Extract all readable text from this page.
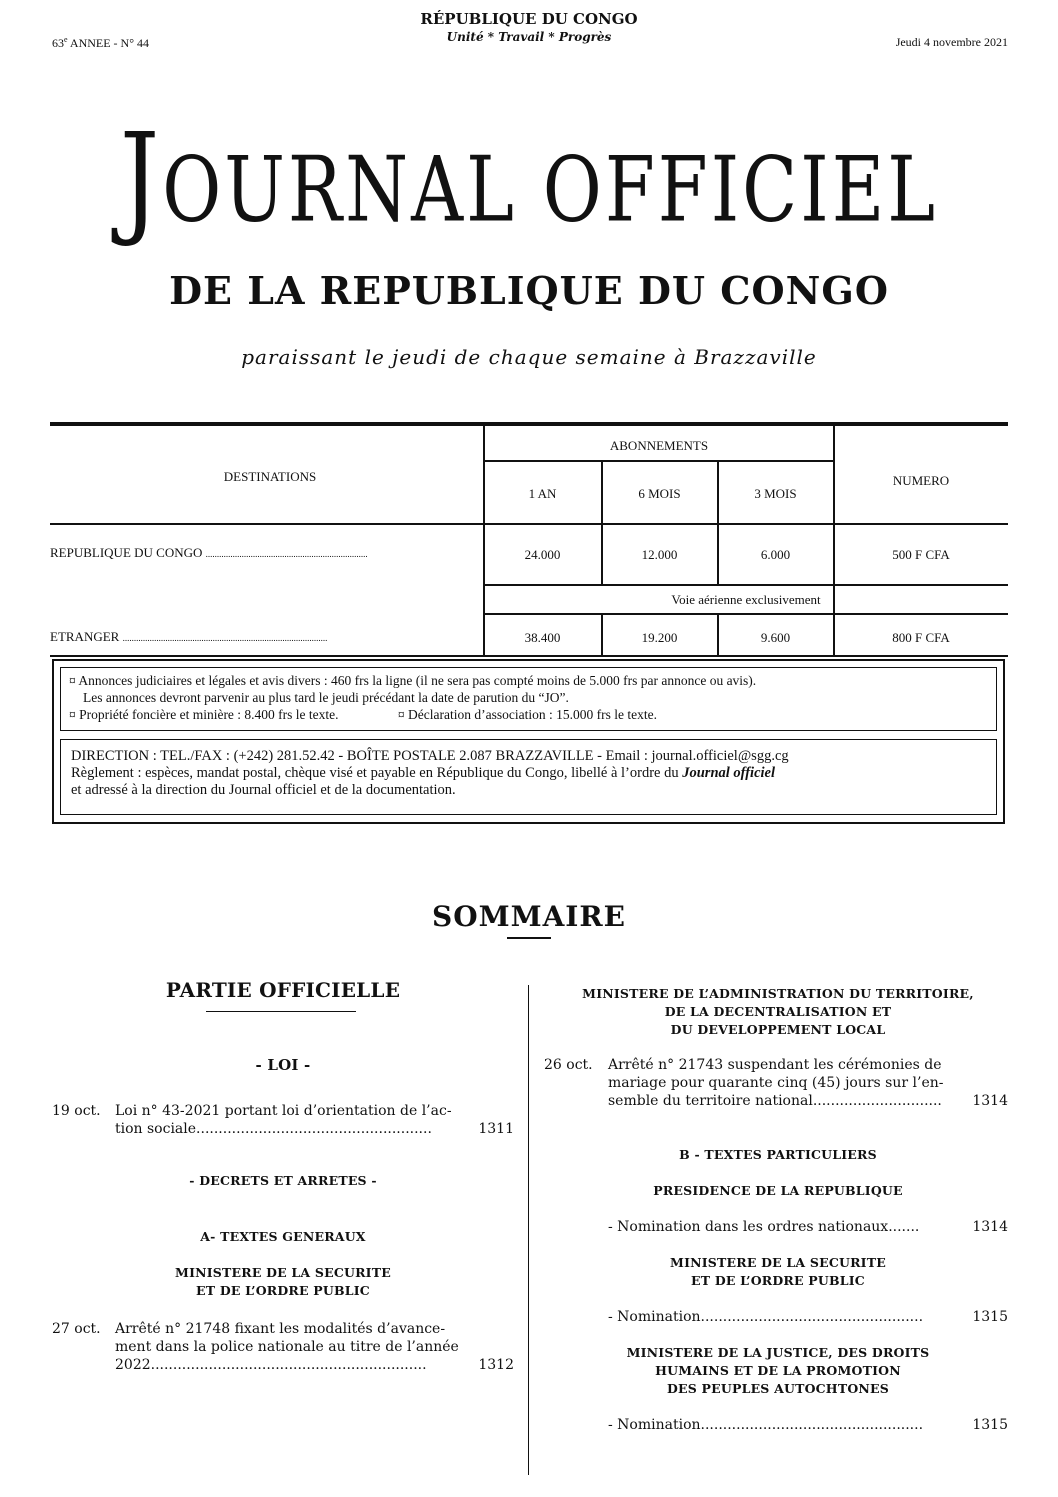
63e ANNEE - N° 44
RÉPUBLIQUE DU CONGO
Unité * Travail * Progrès	Jeudi 4 novembre 2021
JOURNAL OFFICIEL
DE LA REPUBLIQUE DU CONGO
paraissant le jeudi de chaque semaine à Brazzaville
DESTINATIONS
ABONNEMENTS
NUMERO
1 AN	6 MOIS	3 MOIS
REPUBLIQUE DU CONGO ........................................................................	24.000	12.000	6.000	500 F CFA
Voie aérienne exclusivement
ETRANGER ...........................................................................................	38.400	19.200	9.600	800 F CFA
¤ Annonces judiciaires et légales et avis divers : 460 frs la ligne (il ne sera pas compté moins de 5.000 frs par annonce ou avis).
Les annonces devront parvenir au plus tard le jeudi précédant la date de parution du “JO”.
¤ Propriété foncière et minière : 8.400 frs le texte.	¤ Déclaration d’association : 15.000 frs le texte.
DIRECTION : TEL./FAX : (+242) 281.52.42 - BOÎTE POSTALE 2.087 BRAZZAVILLE - Email : journal.officiel@sgg.cg
Règlement : espèces, mandat postal, chèque visé et payable en République du Congo, libellé à l’ordre du Journal officiel
et adressé à la direction du Journal officiel et de la documentation.
SOMMAIRE
PARTIE OFFICIELLE
- LOI -
19 oct. Loi n° 43-2021 portant loi d’orientation de l’ac-
tion sociale.....................................................	1311
- DECRETS ET ARRETES -
A- TEXTES GENERAUX
MINISTERE DE LA SECURITE
ET DE L’ORDRE PUBLIC
27 oct. Arrêté n° 21748 fixant les modalités d’avance-
ment dans la police nationale au titre de l’année
2022..............................................................	1312
MINISTERE DE L’ADMINISTRATION DU TERRITOIRE,
DE LA DECENTRALISATION ET
DU DEVELOPPEMENT LOCAL
26 oct. Arrêté n° 21743 suspendant les cérémonies de
mariage pour quarante cinq (45) jours sur l’en-
semble du territoire national.............................	1314
B - TEXTES PARTICULIERS
PRESIDENCE DE LA REPUBLIQUE
- Nomination dans les ordres nationaux.......	1314
MINISTERE DE LA SECURITE
ET DE L’ORDRE PUBLIC
- Nomination..................................................	1315
MINISTERE DE LA JUSTICE, DES DROITS
HUMAINS ET DE LA PROMOTION
DES PEUPLES AUTOCHTONES
- Nomination..................................................	1315
